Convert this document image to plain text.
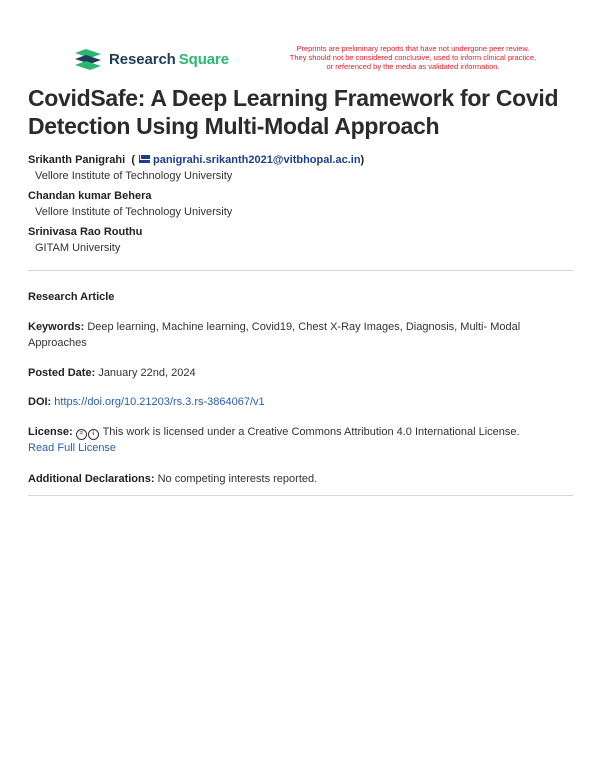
Research Square
Preprints are preliminary reports that have not undergone peer review.
They should not be considered conclusive, used to inform clinical practice,
or referenced by the media as validated information.
CovidSafe: A Deep Learning Framework for Covid Detection Using Multi-Modal Approach
Srikanth Panigrahi  ( panigrahi.srikanth2021@vitbhopal.ac.in)
Vellore Institute of Technology University
Chandan kumar Behera
Vellore Institute of Technology University
Srinivasa Rao Routhu
GITAM University
Research Article
Keywords: Deep learning, Machine learning, Covid19, Chest X-Ray Images, Diagnosis, Multi- Modal Approaches
Posted Date: January 22nd, 2024
DOI: https://doi.org/10.21203/rs.3.rs-3864067/v1
License: = i This work is licensed under a Creative Commons Attribution 4.0 International License.
Read Full License
Additional Declarations: No competing interests reported.
